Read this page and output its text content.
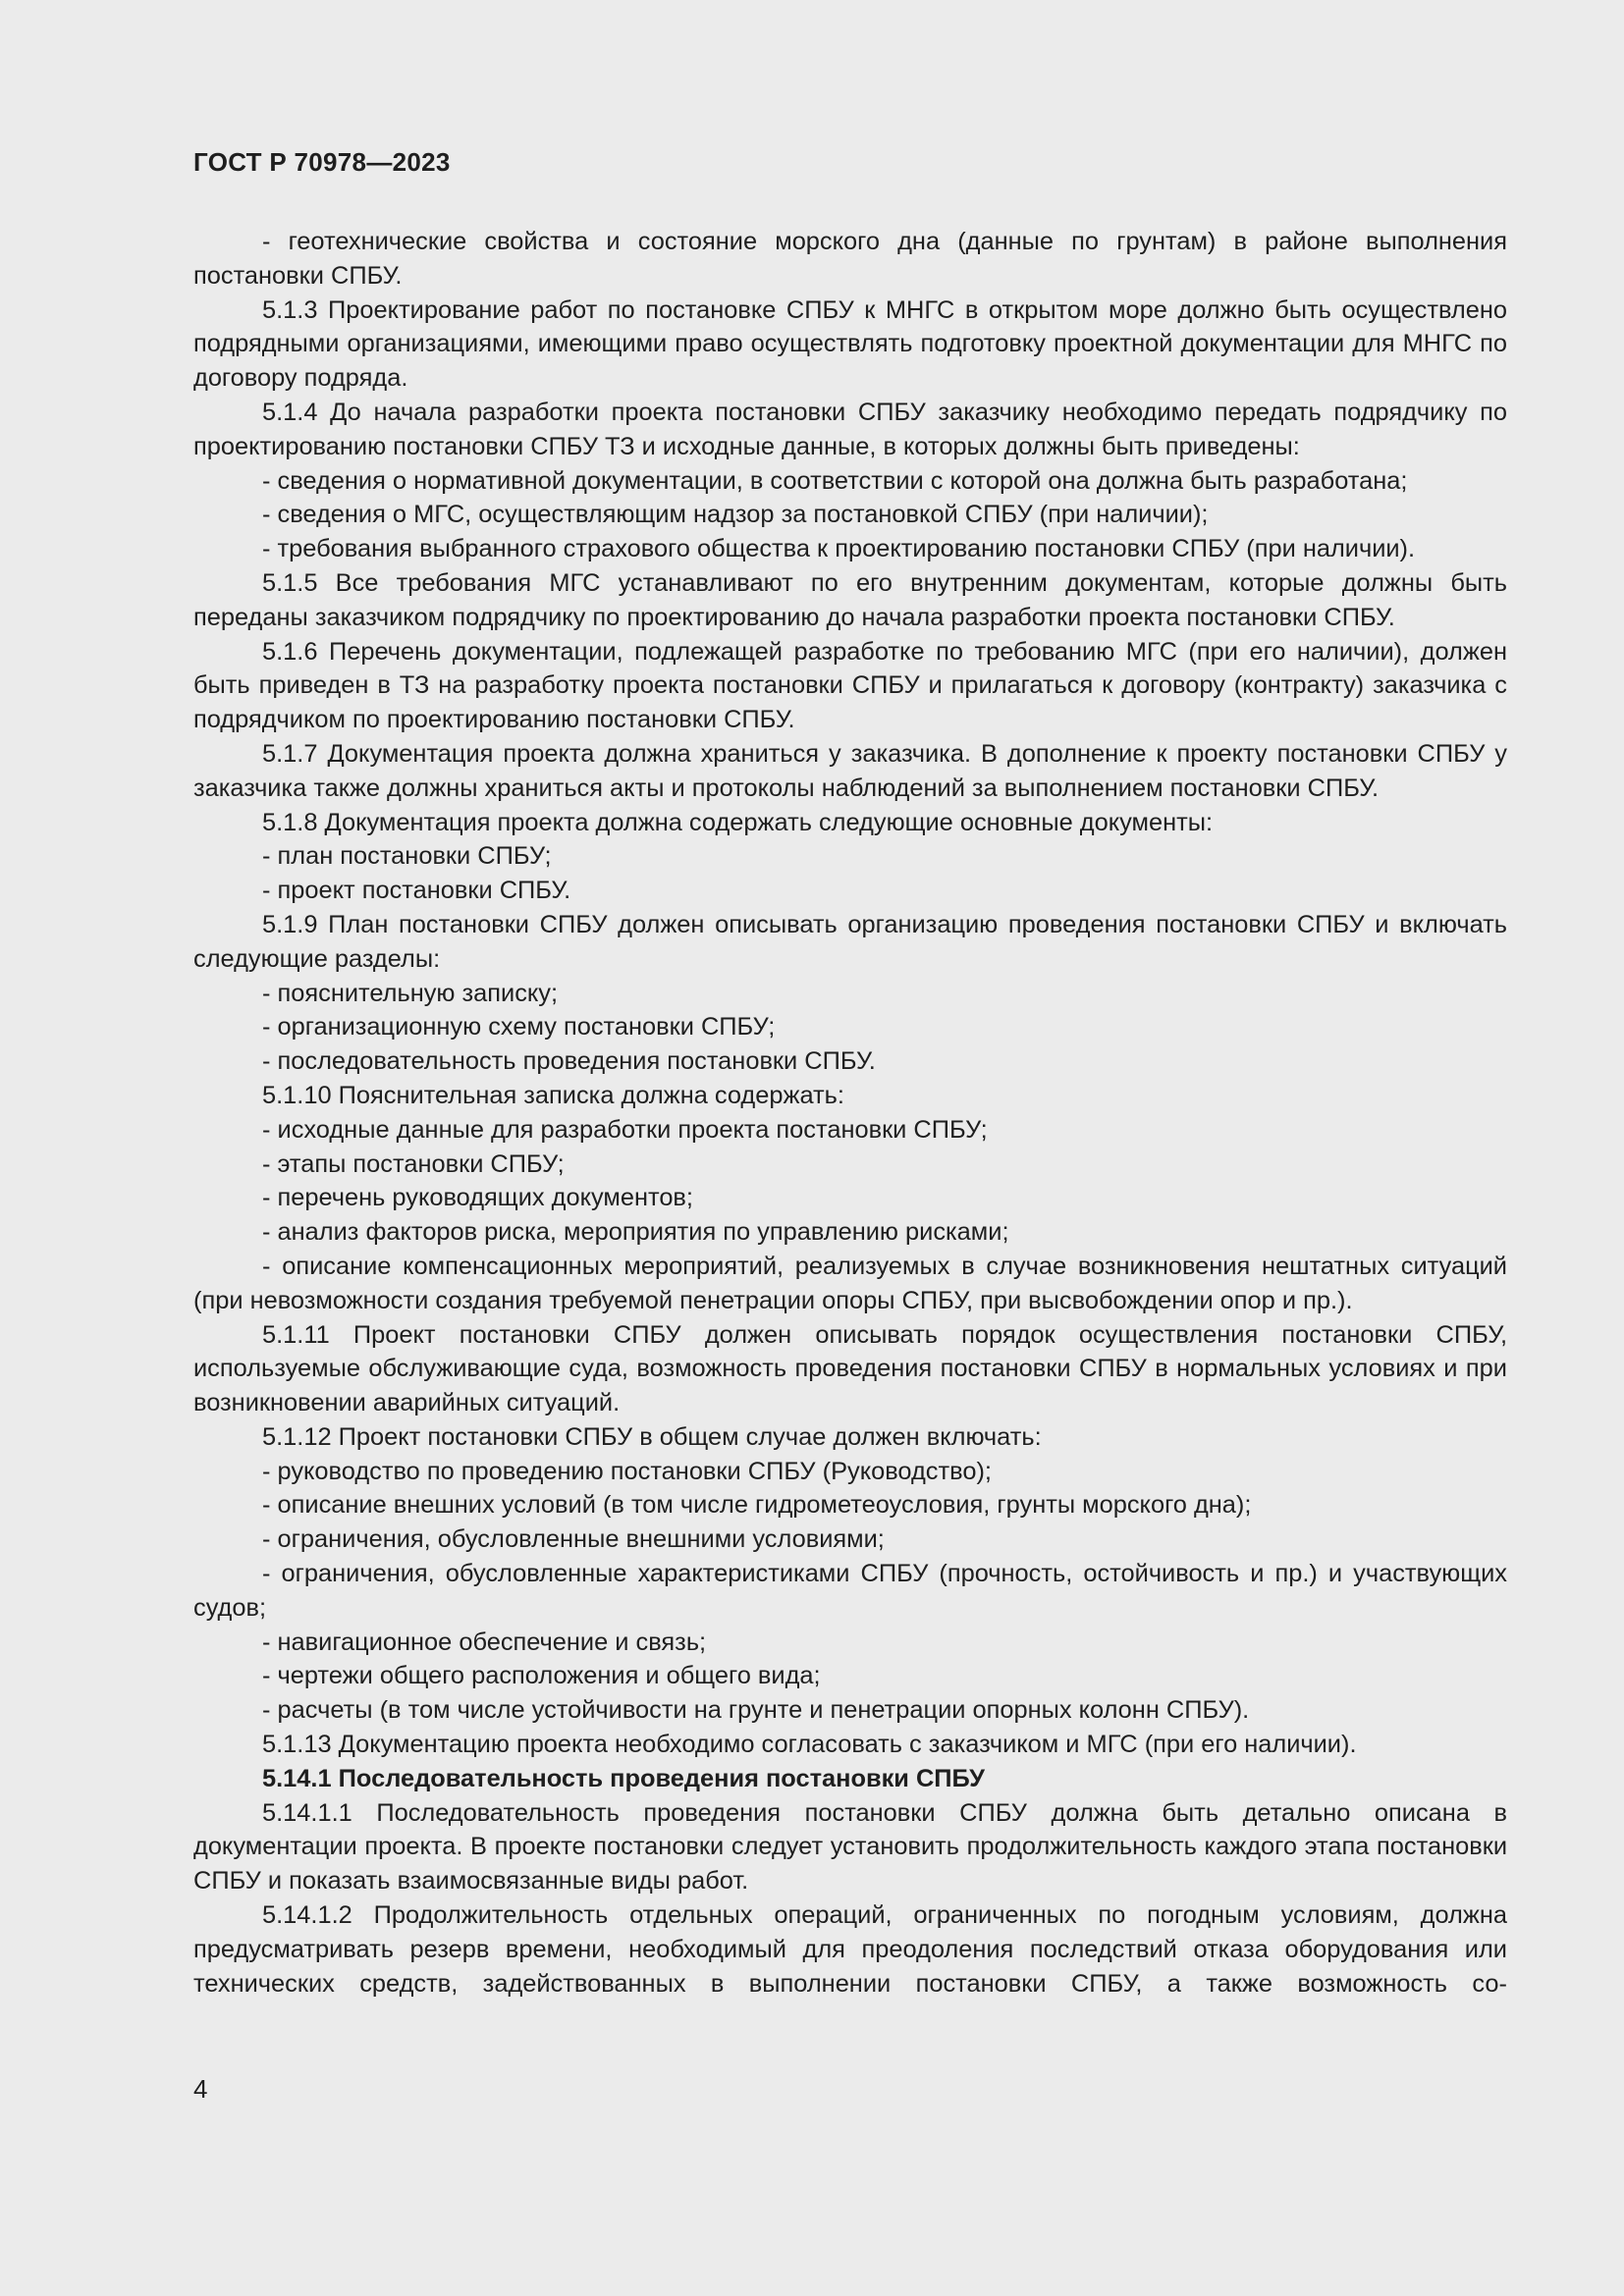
ГОСТ Р 70978—2023

- геотехнические свойства и состояние морского дна (данные по грунтам) в районе выполнения постановки СПБУ.

5.1.3 Проектирование работ по постановке СПБУ к МНГС в открытом море должно быть осуществлено подрядными организациями, имеющими право осуществлять подготовку проектной документации для МНГС по договору подряда.

5.1.4 До начала разработки проекта постановки СПБУ заказчику необходимо передать подрядчику по проектированию постановки СПБУ ТЗ и исходные данные, в которых должны быть приведены:

- сведения о нормативной документации, в соответствии с которой она должна быть разработана;

- сведения о МГС, осуществляющим надзор за постановкой СПБУ (при наличии);

- требования выбранного страхового общества к проектированию постановки СПБУ (при наличии).

5.1.5 Все требования МГС устанавливают по его внутренним документам, которые должны быть переданы заказчиком подрядчику по проектированию до начала разработки проекта постановки СПБУ.

5.1.6 Перечень документации, подлежащей разработке по требованию МГС (при его наличии), должен быть приведен в ТЗ на разработку проекта постановки СПБУ и прилагаться к договору (контракту) заказчика с подрядчиком по проектированию постановки СПБУ.

5.1.7 Документация проекта должна храниться у заказчика. В дополнение к проекту постановки СПБУ у заказчика также должны храниться акты и протоколы наблюдений за выполнением постановки СПБУ.

5.1.8 Документация проекта должна содержать следующие основные документы:

- план постановки СПБУ;

- проект постановки СПБУ.

5.1.9 План постановки СПБУ должен описывать организацию проведения постановки СПБУ и включать следующие разделы:

- пояснительную записку;

- организационную схему постановки СПБУ;

- последовательность проведения постановки СПБУ.

5.1.10 Пояснительная записка должна содержать:

- исходные данные для разработки проекта постановки СПБУ;

- этапы постановки СПБУ;

- перечень руководящих документов;

- анализ факторов риска, мероприятия по управлению рисками;

- описание компенсационных мероприятий, реализуемых в случае возникновения нештатных ситуаций (при невозможности создания требуемой пенетрации опоры СПБУ, при высвобождении опор и пр.).

5.1.11 Проект постановки СПБУ должен описывать порядок осуществления постановки СПБУ, используемые обслуживающие суда, возможность проведения постановки СПБУ в нормальных условиях и при возникновении аварийных ситуаций.

5.1.12 Проект постановки СПБУ в общем случае должен включать:

- руководство по проведению постановки СПБУ (Руководство);

- описание внешних условий (в том числе гидрометеоусловия, грунты морского дна);

- ограничения, обусловленные внешними условиями;

- ограничения, обусловленные характеристиками СПБУ (прочность, остойчивость и пр.) и участвующих судов;

- навигационное обеспечение и связь;

- чертежи общего расположения и общего вида;

- расчеты (в том числе устойчивости на грунте и пенетрации опорных колонн СПБУ).

5.1.13 Документацию проекта необходимо согласовать с заказчиком и МГС (при его наличии).

5.14.1 Последовательность проведения постановки СПБУ

5.14.1.1 Последовательность проведения постановки СПБУ должна быть детально описана в документации проекта. В проекте постановки следует установить продолжительность каждого этапа постановки СПБУ и показать взаимосвязанные виды работ.

5.14.1.2 Продолжительность отдельных операций, ограниченных по погодным условиям, должна предусматривать резерв времени, необходимый для преодоления последствий отказа оборудования или технических средств, задействованных в выполнении постановки СПБУ, а также возможность со-

4
